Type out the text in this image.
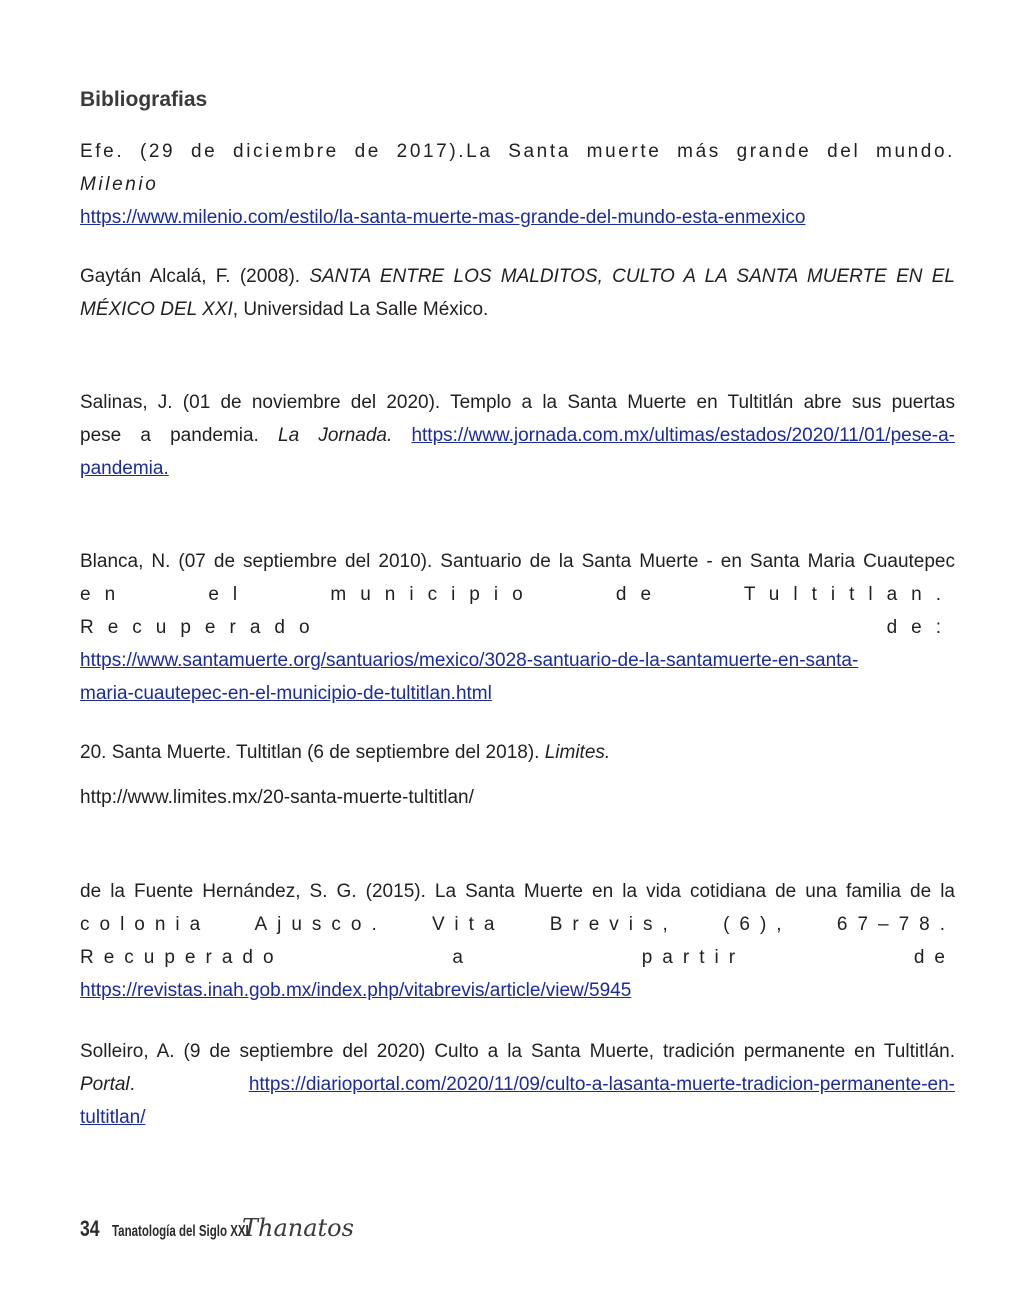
Bibliografias
Efe. (29 de diciembre de 2017).La Santa muerte más grande del mundo. Milenio
https://www.milenio.com/estilo/la-santa-muerte-mas-grande-del-mundo-esta-enmexico
Gaytán Alcalá, F. (2008). SANTA ENTRE LOS MALDITOS, CULTO A LA SANTA MUERTE EN EL
MÉXICO DEL XXI, Universidad La Salle México.
Salinas, J. (01 de noviembre del 2020). Templo a la Santa Muerte en Tultitlán abre sus puertas
pese a pandemia. La Jornada. https://www.jornada.com.mx/ultimas/estados/2020/11/01/pese-a-
pandemia.
Blanca, N. (07 de septiembre del 2010). Santuario de la Santa Muerte - en Santa Maria Cuautepec
en el municipio de Tultitlan. Recuperado de:
https://www.santamuerte.org/santuarios/mexico/3028-santuario-de-la-santamuerte-en-santa-
maria-cuautepec-en-el-municipio-de-tultitlan.html
20. Santa Muerte. Tultitlan (6 de septiembre del 2018). Limites.
http://www.limites.mx/20-santa-muerte-tultitlan/
de la Fuente Hernández, S. G. (2015). La Santa Muerte en la vida cotidiana de una familia de la
colonia Ajusco. Vita Brevis, (6), 67–78. Recuperado a partir de
https://revistas.inah.gob.mx/index.php/vitabrevis/article/view/5945
Solleiro, A. (9 de septiembre del 2020) Culto a la Santa Muerte, tradición permanente en Tultitlán.
Portal.	https://diarioportal.com/2020/11/09/culto-a-lasanta-muerte-tradicion-permanente-en-
tultitlan/
34 Tanatología del Siglo XXI
Thanatos
